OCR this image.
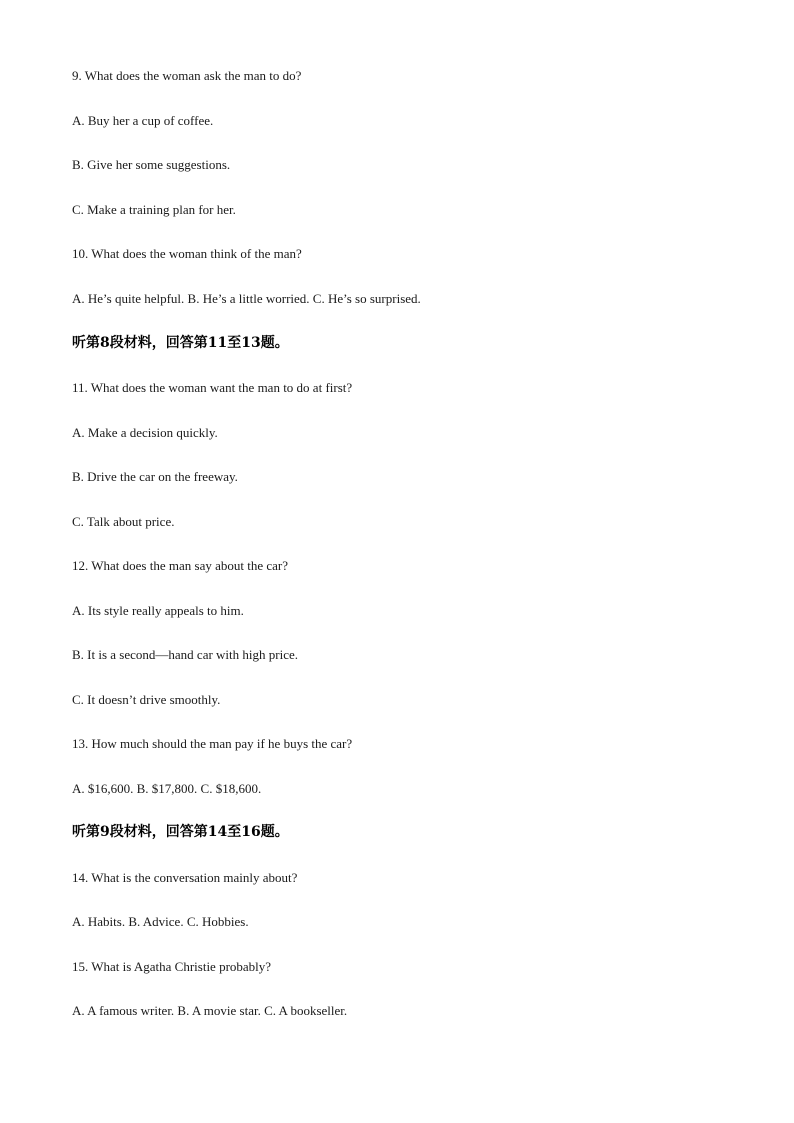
9. What does the woman ask the man to do?
A. Buy her a cup of coffee.
B. Give her some suggestions.
C. Make a training plan for her.
10. What does the woman think of the man?
A. He’s quite helpful. B. He’s a little worried. C. He’s so surprised.
听第8段材料，回答第11至13题。
11. What does the woman want the man to do at first?
A. Make a decision quickly.
B. Drive the car on the freeway.
C. Talk about price.
12. What does the man say about the car?
A. Its style really appeals to him.
B. It is a second—hand car with high price.
C. It doesn’t drive smoothly.
13. How much should the man pay if he buys the car?
A. $16,600. B. $17,800. C. $18,600.
听第9段材料，回答第14至16题。
14. What is the conversation mainly about?
A. Habits. B. Advice. C. Hobbies.
15. What is Agatha Christie probably?
A. A famous writer. B. A movie star. C. A bookseller.
